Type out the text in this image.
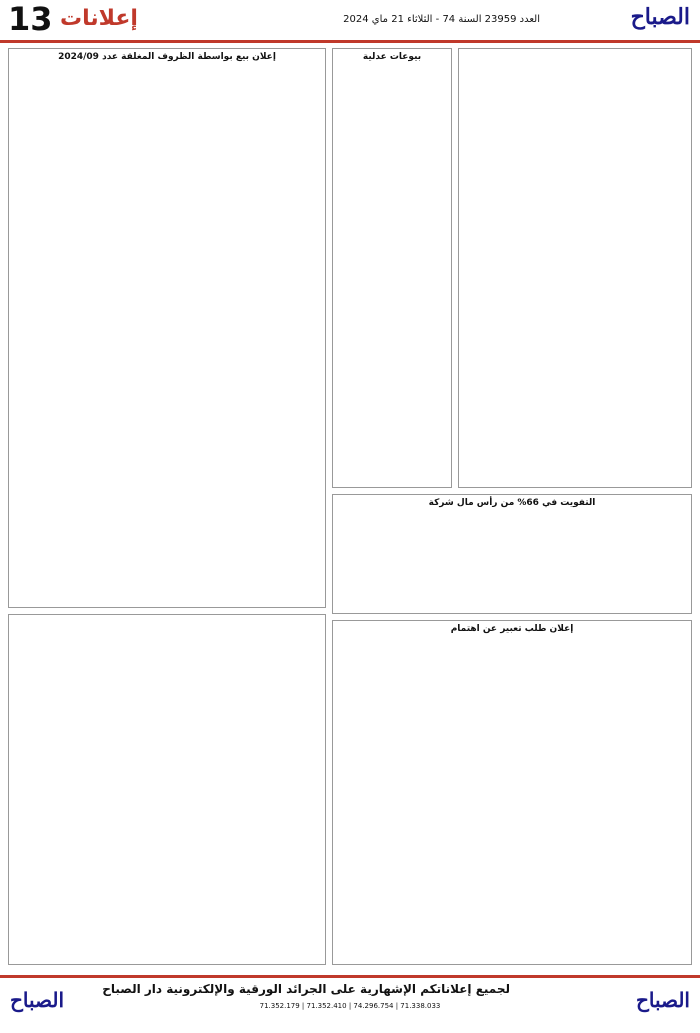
الصباح
العدد 23959 السنة 74 - الثلاثاء 21 ماي 2024
إعلانات
13
إعلان بيع بواسطة الظروف المغلقة عدد 2024/09	بيوعات عدلية
التفويت في 66% من رأس مال شركة
إعلان طلب تعبير عن اهتمام
الصباح
لجميع إعلاناتكم الإشهارية على الجرائد الورقية والإلكترونية دار الصباح
71.352.179 | 71.352.410 | 74.296.754 | 71.338.033
الصباح
